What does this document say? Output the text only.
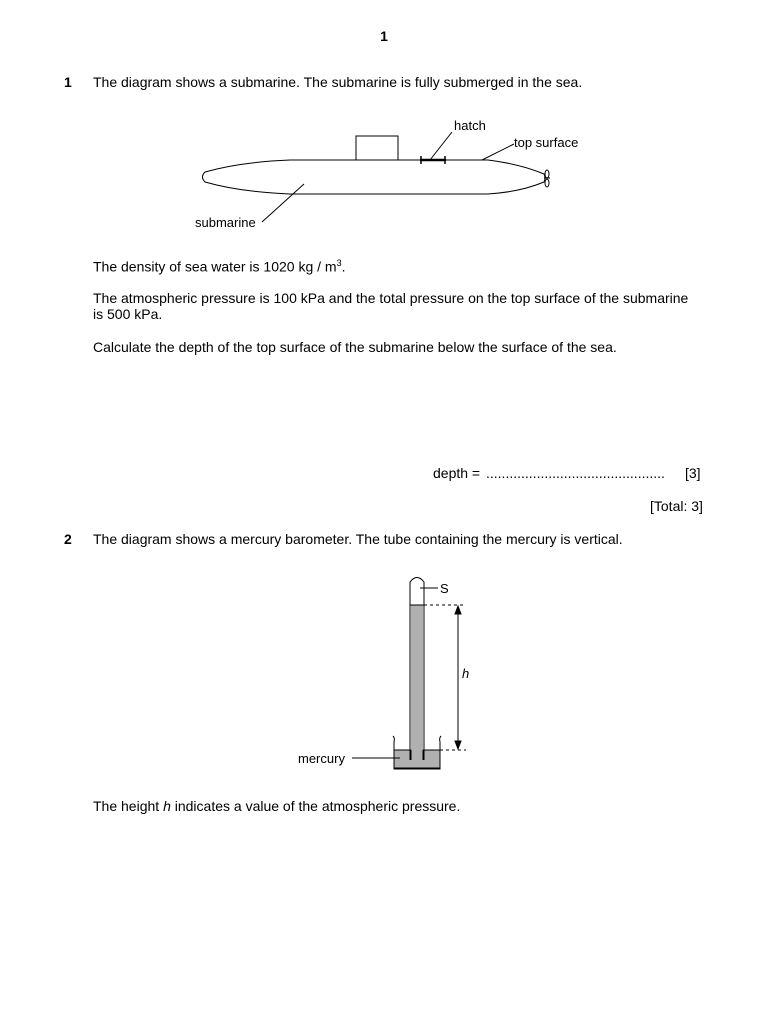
1
1 The diagram shows a submarine. The submarine is fully submerged in the sea.
hatch
top surface
submarine
The density of sea water is 1020 kg / $m^3$.
The atmospheric pressure is 100 kPa and the total pressure on the top surface of the submarine
is 500 kPa.
Calculate the depth of the top surface of the submarine below the surface of the sea.
depth = .............................................. [3]
[Total: 3]
2 The diagram shows a mercury barometer. The tube containing the mercury is vertical.
S
h
mercury
The height h indicates a value of the atmospheric pressure.
